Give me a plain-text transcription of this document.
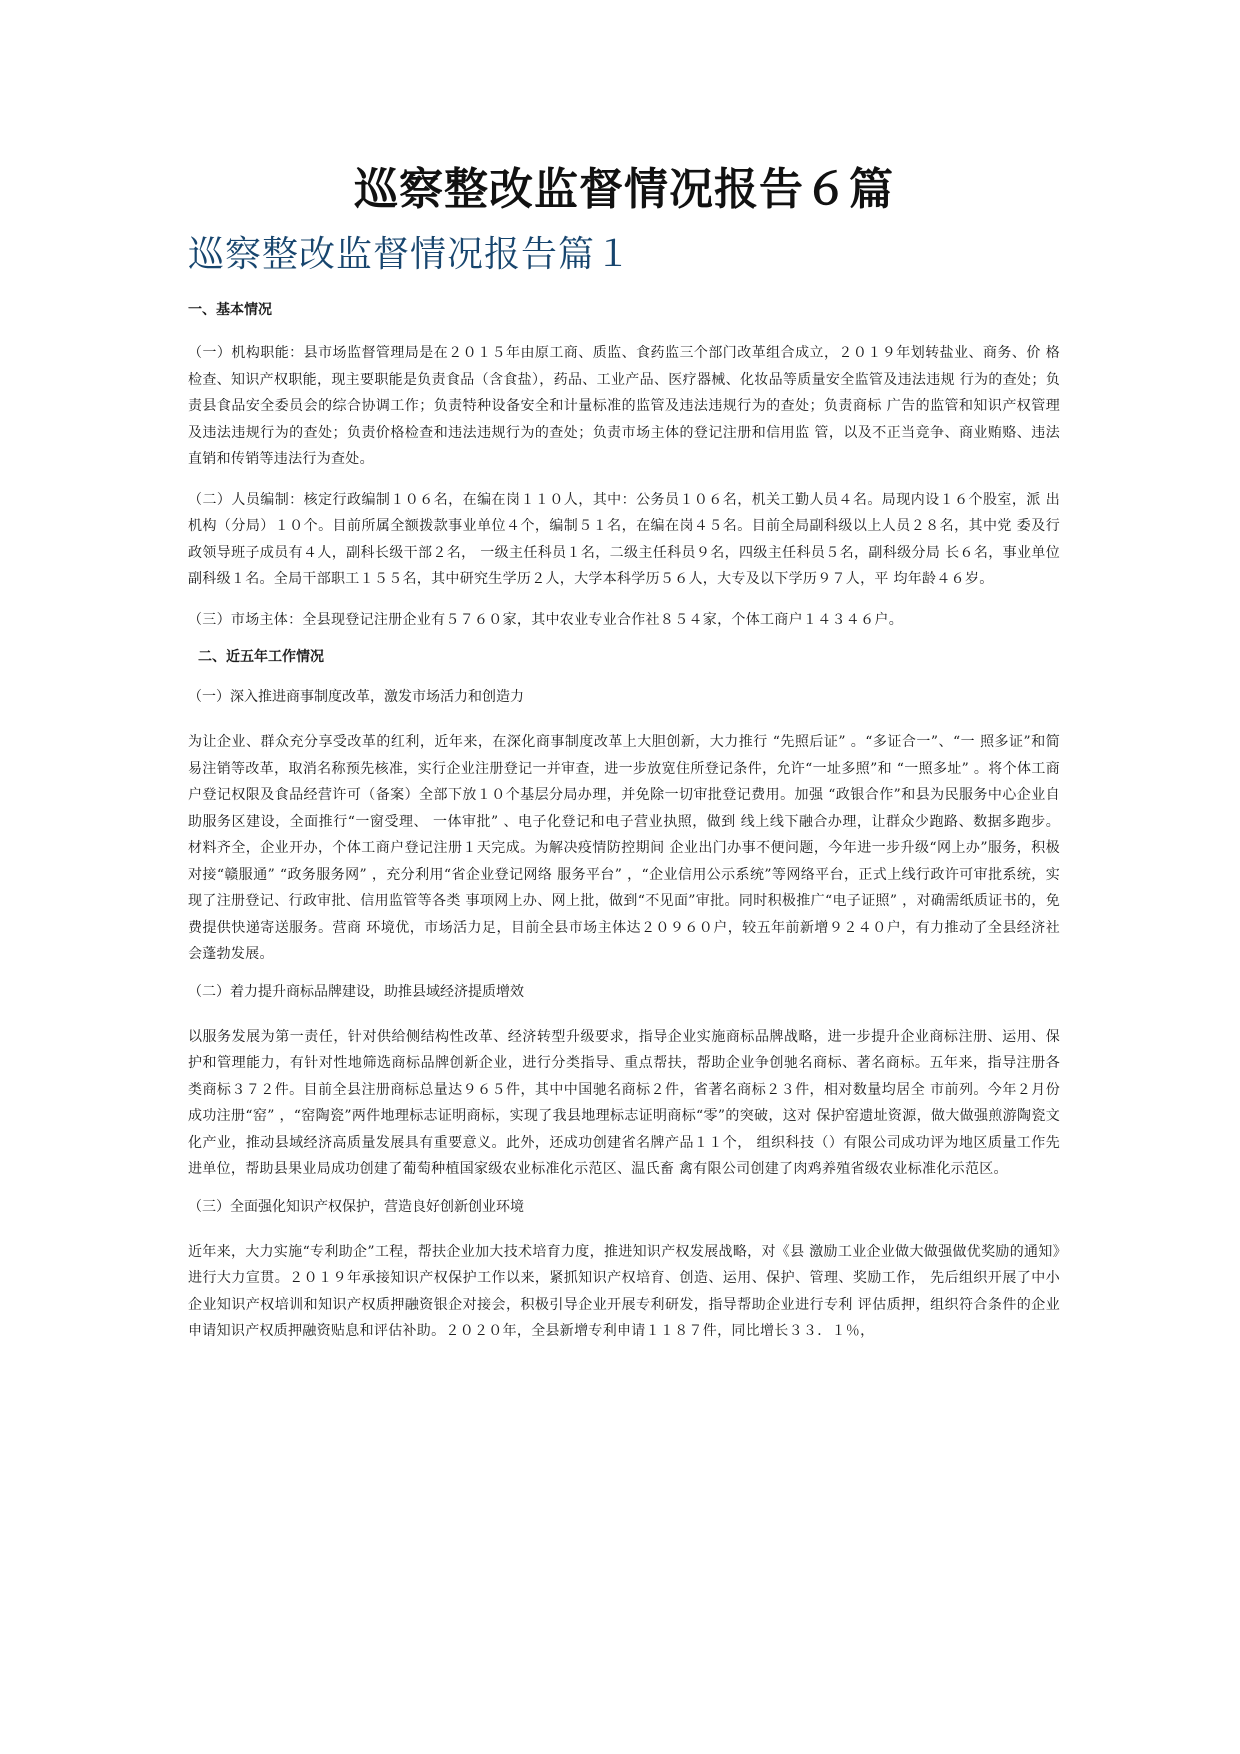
巡察整改监督情况报告６篇
巡察整改监督情况报告篇１
一、基本情况

（一）机构职能：县市场监督管理局是在２０１５年由原工商、质监、食药监三个部门改革组合成立，２０１９年划转盐业、商务、价 格检查、知识产权职能，现主要职能是负责食品（含食盐），药品、工业产品、医疗器械、化妆品等质量安全监管及违法违规 行为的查处；负责县食品安全委员会的综合协调工作；负责特种设备安全和计量标准的监管及违法违规行为的查处；负责商标 广告的监管和知识产权管理及违法违规行为的查处；负责价格检查和违法违规行为的查处；负责市场主体的登记注册和信用监 管，以及不正当竞争、商业贿赂、违法直销和传销等违法行为查处。

（二）人员编制：核定行政编制１０６名，在编在岗１１０人，其中：公务员１０６名，机关工勤人员４名。局现内设１６个股室，派 出机构（分局）１０个。目前所属全额拨款事业单位４个，编制５１名，在编在岗４５名。目前全局副科级以上人员２８名，其中党 委及行政领导班子成员有４人，副科长级干部２名， 一级主任科员１名，二级主任科员９名，四级主任科员５名，副科级分局 长６名，事业单位副科级１名。全局干部职工１５５名，其中研究生学历２人，大学本科学历５６人，大专及以下学历９７人，平 均年龄４６岁。

（三）市场主体：全县现登记注册企业有５７６０家，其中农业专业合作社８５４家，个体工商户１４３４６户。

二、近五年工作情况
（一）深入推进商事制度改革，激发市场活力和创造力

为让企业、群众充分享受改革的红利，近年来，在深化商事制度改革上大胆创新，大力推行 “先照后证” 。“多证合一”、“一 照多证”和简易注销等改革，取消名称预先核准，实行企业注册登记一并审查，进一步放宽住所登记条件，允许“一址多照”和 “一照多址” 。将个体工商户登记权限及食品经营许可（备案）全部下放１０个基层分局办理，并免除一切审批登记费用。加强 “政银合作”和县为民服务中心企业自助服务区建设，全面推行“一窗受理、 一体审批” 、电子化登记和电子营业执照，做到 线上线下融合办理，让群众少跑路、数据多跑步。材料齐全，企业开办，个体工商户登记注册１天完成。为解决疫情防控期间 企业出门办事不便问题，今年进一步升级“网上办”服务，积极对接“赣服通” “政务服务网” ，充分利用“省企业登记网络 服务平台” ，“企业信用公示系统”等网络平台，正式上线行政许可审批系统，实现了注册登记、行政审批、信用监管等各类 事项网上办、网上批，做到“不见面”审批。同时积极推广“电子证照” ，对确需纸质证书的，免费提供快递寄送服务。营商 环境优，市场活力足，目前全县市场主体达２０９６０户，较五年前新增９２４０户，有力推动了全县经济社会蓬勃发展。

（二）着力提升商标品牌建设，助推县域经济提质增效

以服务发展为第一责任，针对供给侧结构性改革、经济转型升级要求，指导企业实施商标品牌战略，进一步提升企业商标注册、运用、保护和管理能力，有针对性地筛选商标品牌创新企业，进行分类指导、重点帮扶，帮助企业争创驰名商标、著名商标。五年来，指导注册各类商标３７２件。目前全县注册商标总量达９６５件，其中中国驰名商标２件，省著名商标２３件，相对数量均居全 市前列。今年２月份成功注册“窑” ，“窑陶瓷”两件地理标志证明商标，实现了我县地理标志证明商标“零”的突破，这对 保护窑遗址资源，做大做强煎游陶瓷文化产业，推动县域经济高质量发展具有重要意义。此外，还成功创建省名牌产品１１个， 组织科技（）有限公司成功评为地区质量工作先进单位，帮助县果业局成功创建了葡萄种植国家级农业标准化示范区、温氏畜 禽有限公司创建了肉鸡养殖省级农业标准化示范区。

（三）全面强化知识产权保护，营造良好创新创业环境

近年来，大力实施“专利助企”工程，帮扶企业加大技术培育力度，推进知识产权发展战略，对《县 激励工业企业做大做强做优奖励的通知》进行大力宣贯。２０１９年承接知识产权保护工作以来，紧抓知识产权培育、创造、运用、保护、管理、奖励工作， 先后组织开展了中小企业知识产权培训和知识产权质押融资银企对接会，积极引导企业开展专利研发，指导帮助企业进行专利 评估质押，组织符合条件的企业申请知识产权质押融资贴息和评估补助。２０２０年，全县新增专利申请１１８７件，同比增长３３．１％，
